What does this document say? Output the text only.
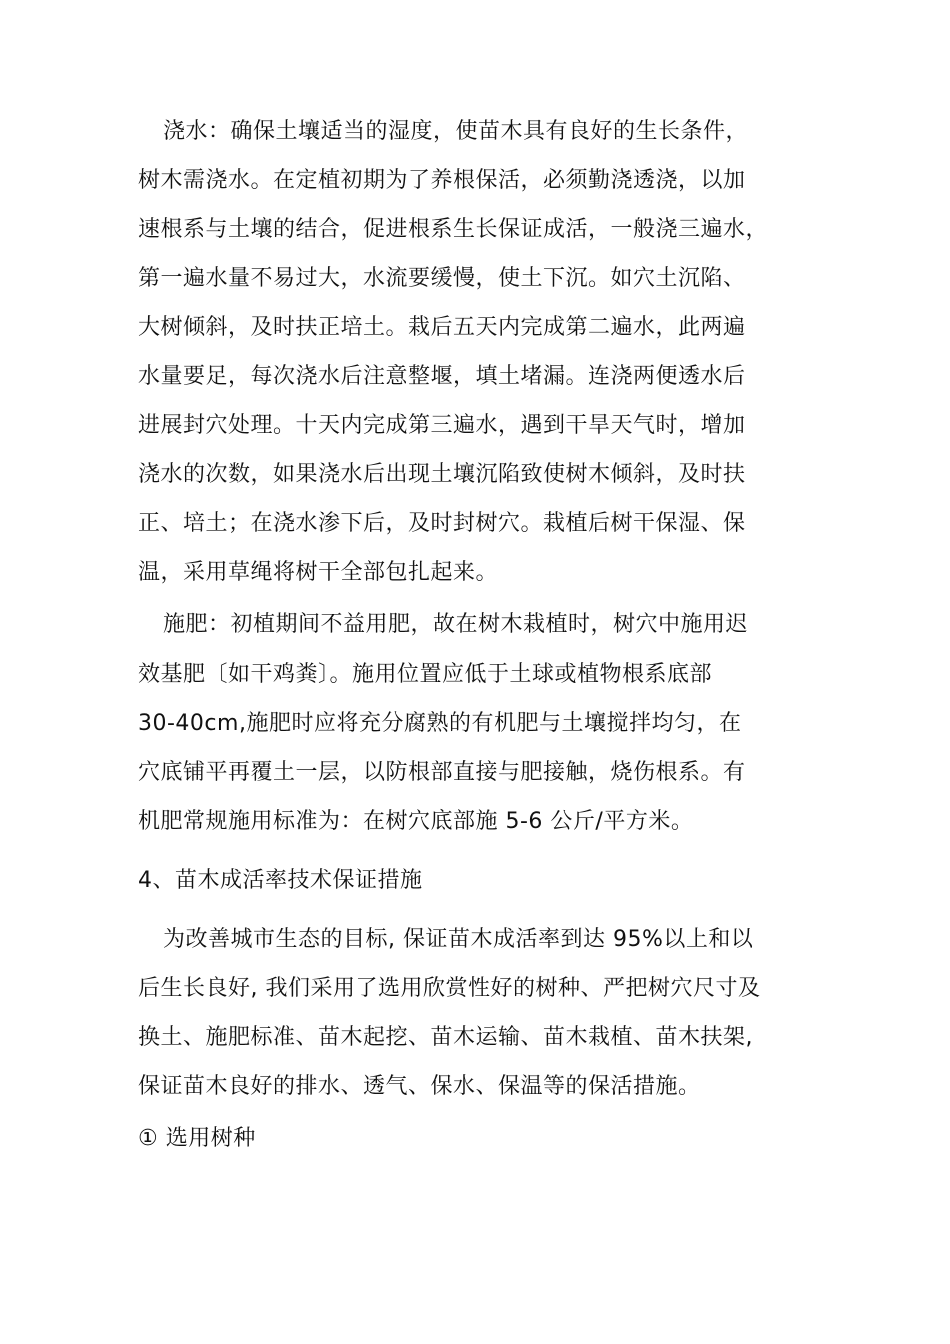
浇水：确保土壤适当的湿度，使苗木具有良好的生长条件，
树木需浇水。在定植初期为了养根保活，必须勤浇透浇，以加
速根系与土壤的结合，促进根系生长保证成活，一般浇三遍水，
第一遍水量不易过大，水流要缓慢，使土下沉。如穴土沉陷、
大树倾斜，及时扶正培土。栽后五天内完成第二遍水，此两遍
水量要足，每次浇水后注意整堰，填土堵漏。连浇两便透水后
进展封穴处理。十天内完成第三遍水，遇到干旱天气时，增加
浇水的次数，如果浇水后出现土壤沉陷致使树木倾斜，及时扶
正、培土；在浇水渗下后，及时封树穴。栽植后树干保湿、保
温，采用草绳将树干全部包扎起来。
施肥：初植期间不益用肥，故在树木栽植时，树穴中施用迟
效基肥〔如干鸡粪〕。施用位置应低于土球或植物根系底部
30-40cm,施肥时应将充分腐熟的有机肥与土壤搅拌均匀，在
穴底铺平再覆土一层，以防根部直接与肥接触，烧伤根系。有
机肥常规施用标准为：在树穴底部施 5-6 公斤/平方米。
4、苗木成活率技术保证措施
为改善城市生态的目标, 保证苗木成活率到达 95%以上和以
后生长良好, 我们采用了选用欣赏性好的树种、严把树穴尺寸及
换土、施肥标准、苗木起挖、苗木运输、苗木栽植、苗木扶架,
保证苗木良好的排水、透气、保水、保温等的保活措施。
① 选用树种
